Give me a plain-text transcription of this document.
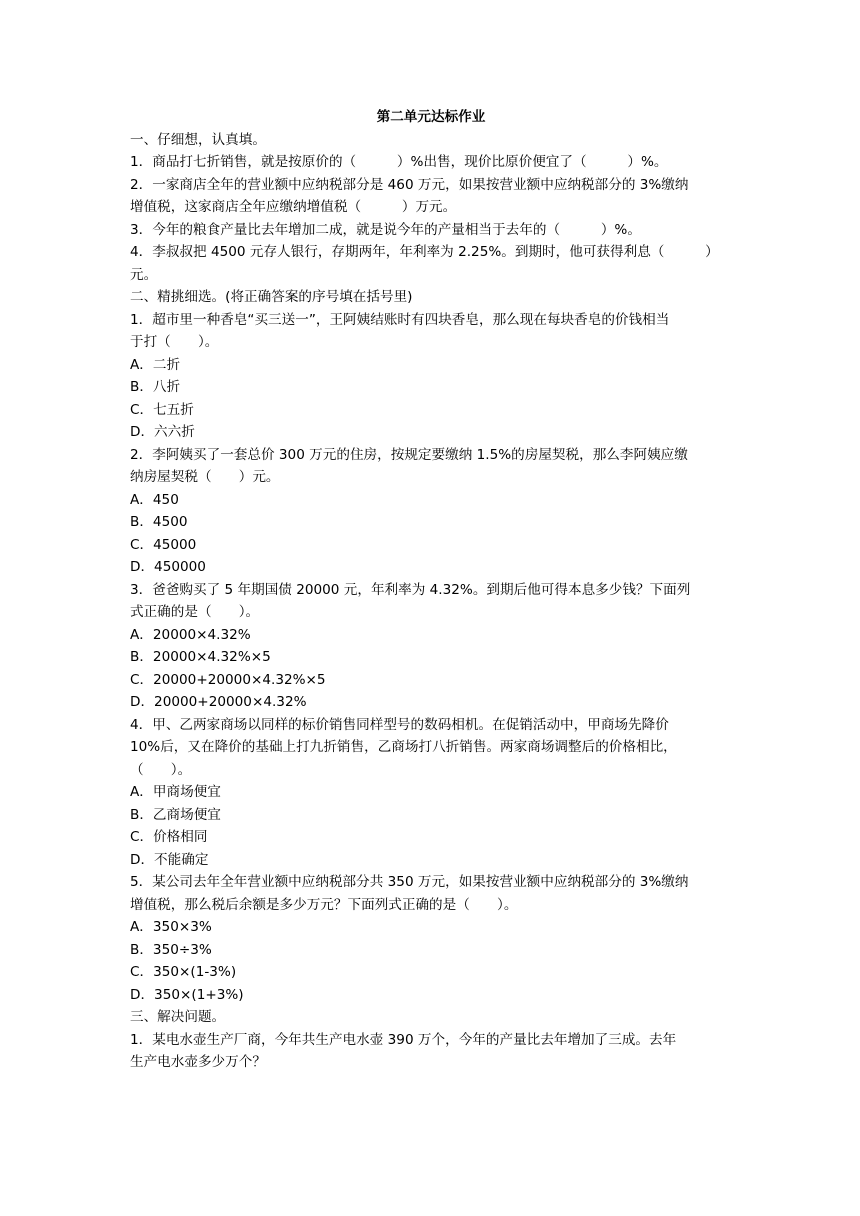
第二单元达标作业

一、仔细想，认真填。

1．商品打七折销售，就是按原价的（　　　）%出售，现价比原价便宜了（　　　）%。

2．一家商店全年的营业额中应纳税部分是 460 万元，如果按营业额中应纳税部分的 3%缴纳

增值税，这家商店全年应缴纳增值税（　　　）万元。

3．今年的粮食产量比去年增加二成，就是说今年的产量相当于去年的（　　　）%。

4．李叔叔把 4500 元存人银行，存期两年，年利率为 2.25%。到期时，他可获得利息（　　　）

元。

二、精挑细选。(将正确答案的序号填在括号里)

1．超市里一种香皂“买三送一”，王阿姨结账时有四块香皂，那么现在每块香皂的价钱相当

于打（　　）。

A．二折

B．八折

C．七五折

D．六六折

2．李阿姨买了一套总价 300 万元的住房，按规定要缴纳 1.5%的房屋契税，那么李阿姨应缴

纳房屋契税（　　）元。

A．450

B．4500

C．45000

D．450000

3．爸爸购买了 5 年期国债 20000 元，年利率为 4.32%。到期后他可得本息多少钱？下面列

式正确的是（　　）。

A．20000×4.32%

B．20000×4.32%×5

C．20000+20000×4.32%×5

D．20000+20000×4.32%

4．甲、乙两家商场以同样的标价销售同样型号的数码相机。在促销活动中，甲商场先降价

10%后，又在降价的基础上打九折销售，乙商场打八折销售。两家商场调整后的价格相比，

（　　）。

A．甲商场便宜

B．乙商场便宜

C．价格相同

D．不能确定

5．某公司去年全年营业额中应纳税部分共 350 万元，如果按营业额中应纳税部分的 3%缴纳

增值税，那么税后余额是多少万元？下面列式正确的是（　　）。

A．350×3%

B．350÷3%

C．350×(1-3%)

D．350×(1+3%)

三、解决问题。

1．某电水壶生产厂商，今年共生产电水壶 390 万个，今年的产量比去年增加了三成。去年

生产电水壶多少万个？
